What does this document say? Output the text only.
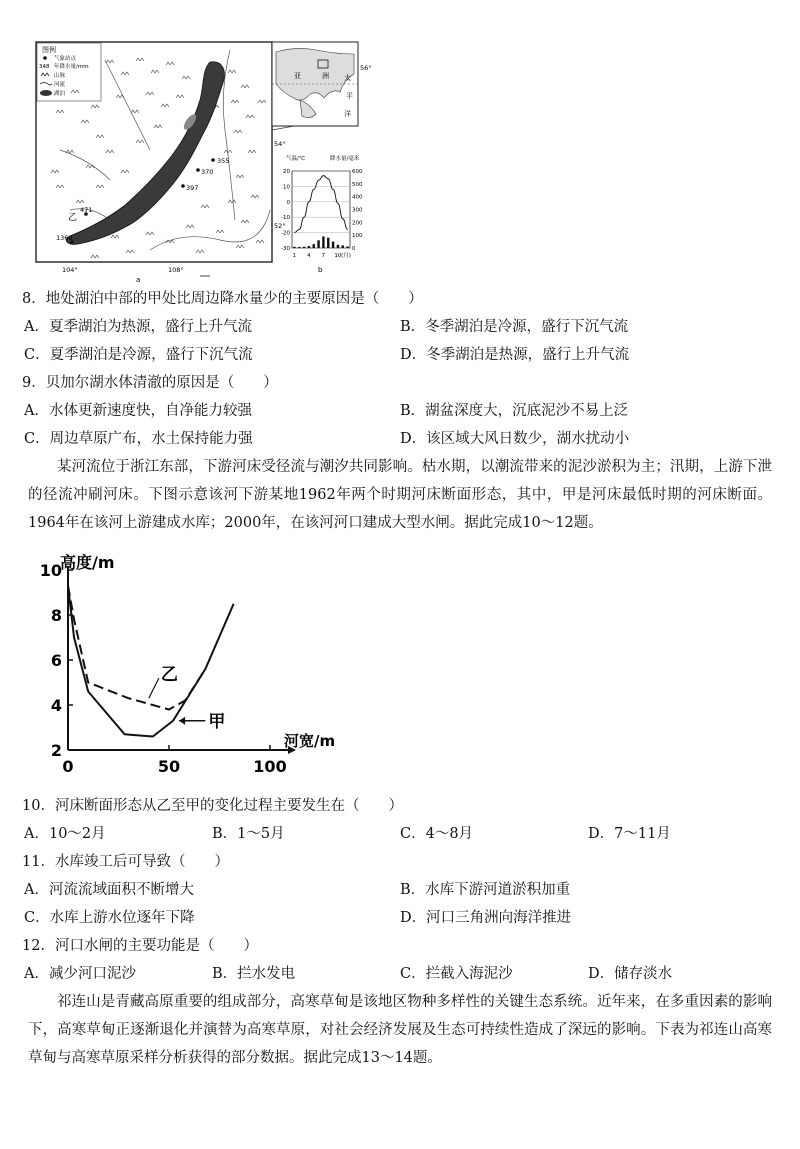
图例
气象站点
348 年降水量/mm
山脉
河流
湖泊
355
370
397
471
乙
1360
54°
52°
104°	108°
a
亚	洲 太
平
洋
56°
气温/℃	降水量/毫米
20
10
0
-10
-20
-30
600
500
400
300
200
100
0
1 4 7 10 (月)
b
8．地处湖泊中部的甲处比周边降水量少的主要原因是（　　）
A．夏季湖泊为热源，盛行上升气流	B．冬季湖泊是冷源，盛行下沉气流
C．夏季湖泊是冷源，盛行下沉气流	D．冬季湖泊是热源，盛行上升气流
9．贝加尔湖水体清澈的原因是（　　）
A．水体更新速度快，自净能力较强	B．湖盆深度大，沉底泥沙不易上泛
C．周边草原广布，水土保持能力强	D．该区域大风日数少，湖水扰动小
某河流位于浙江东部，下游河床受径流与潮汐共同影响。枯水期，以潮流带来的泥沙淤积为主；汛期，上游下泄的径流冲刷河床。下图示意该河下游某地1962年两个时期河床断面形态，其中，甲是河床最低时期的河床断面。1964年在该河上游建成水库；2000年，在该河河口建成大型水闸。据此完成10～12题。
2
4
6
8
10
0	50	100
高度/m
河宽/m
乙
甲
10．河床断面形态从乙至甲的变化过程主要发生在（　　）
A．10～2月	B．1～5月	C．4～8月	D．7～11月
11．水库竣工后可导致（　　）
A．河流流域面积不断增大	B．水库下游河道淤积加重
C．水库上游水位逐年下降	D．河口三角洲向海洋推进
12．河口水闸的主要功能是（　　）
A．减少河口泥沙	B．拦水发电	C．拦截入海泥沙	D．储存淡水
祁连山是青藏高原重要的组成部分，高寒草甸是该地区物种多样性的关键生态系统。近年来，在多重因素的影响下，高寒草甸正逐渐退化并演替为高寒草原，对社会经济发展及生态可持续性造成了深远的影响。下表为祁连山高寒草甸与高寒草原采样分析获得的部分数据。据此完成13～14题。
